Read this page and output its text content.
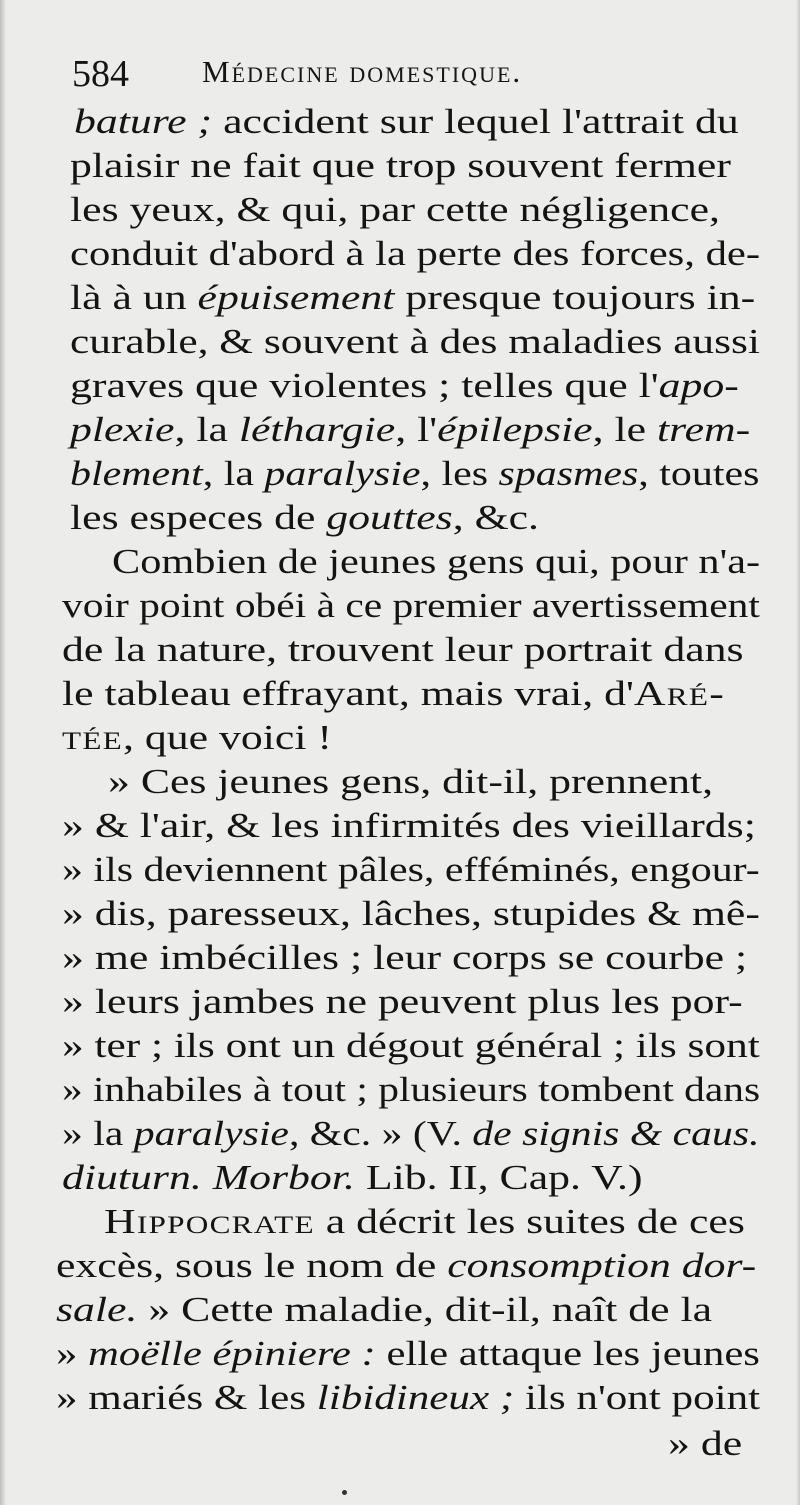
584 Médecine domestique.
bature ; accident sur lequel l'attrait du
plaisir ne fait que trop souvent fermer
les yeux, & qui, par cette négligence,
conduit d'abord à la perte des forces, de-
là à un épuisement presque toujours in-
curable, & souvent à des maladies aussi
graves que violentes ; telles que l'apo-
plexie, la léthargie, l'épilepsie, le trem-
blement, la paralysie, les spasmes, toutes
les especes de gouttes, &c.
Combien de jeunes gens qui, pour n'a-
voir point obéi à ce premier avertissement
de la nature, trouvent leur portrait dans
le tableau effrayant, mais vrai, d'Aré-
tée, que voici !
» Ces jeunes gens, dit-il, prennent,
» & l'air, & les infirmités des vieillards;
» ils deviennent pâles, efféminés, engour-
» dis, paresseux, lâches, stupides & mê-
» me imbécilles ; leur corps se courbe ;
» leurs jambes ne peuvent plus les por-
» ter ; ils ont un dégout général ; ils sont
» inhabiles à tout ; plusieurs tombent dans
» la paralysie, &c. » (V. de signis & caus.
diuturn. Morbor. Lib. II, Cap. V.)
Hippocrate a décrit les suites de ces
excès, sous le nom de consomption dor-
sale. » Cette maladie, dit-il, naît de la
» moëlle épiniere : elle attaque les jeunes
» mariés & les libidineux ; ils n'ont point
» de
